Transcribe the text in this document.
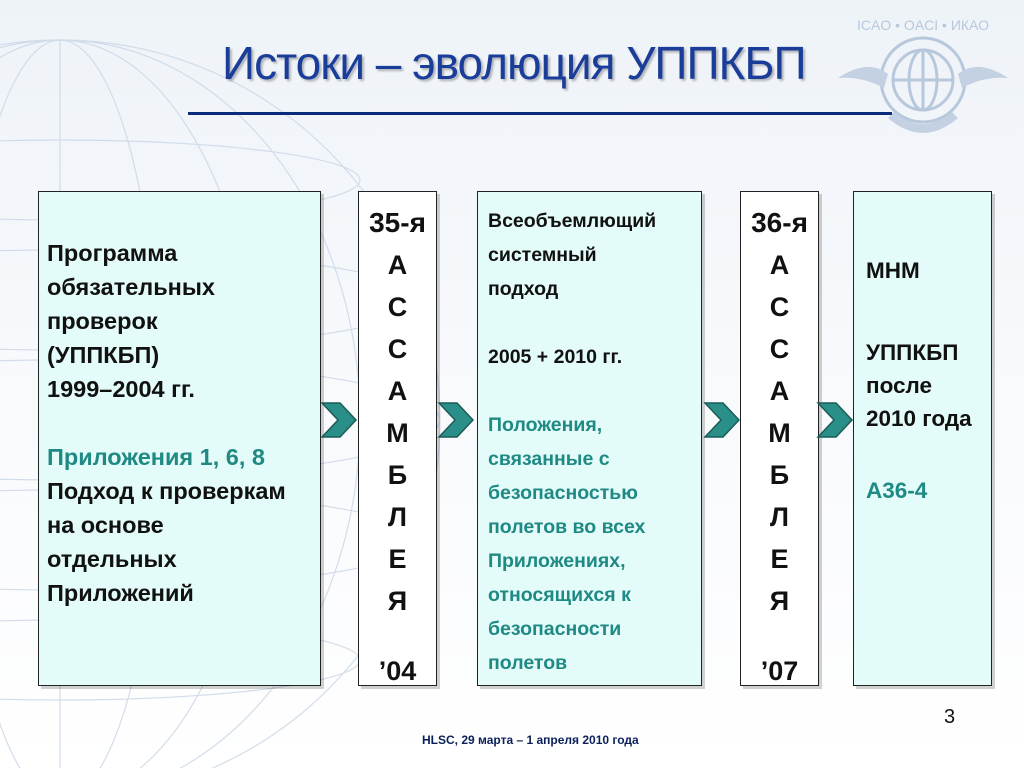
ICAO • OACI • ИКАО
Истоки – эволюция УППКБП
Программа
обязательных
проверок
(УППКБП)
1999–2004 гг.
Приложения 1, 6, 8
Подход к проверкам
на основе
отдельных
Приложений
35-я
А
С
С
А
М
Б
Л
Е
Я
’04
Всеобъемлющий
системный
подход
2005 + 2010 гг.
Положения,
связанные с
безопасностью
полетов во всех
Приложениях,
относящихся к
безопасности
полетов
36-я
А
С
С
А
М
Б
Л
Е
Я
’07
МНМ
УППКБП
после
2010 года
А36-4
3
HLSC, 29 марта – 1 апреля 2010 года
